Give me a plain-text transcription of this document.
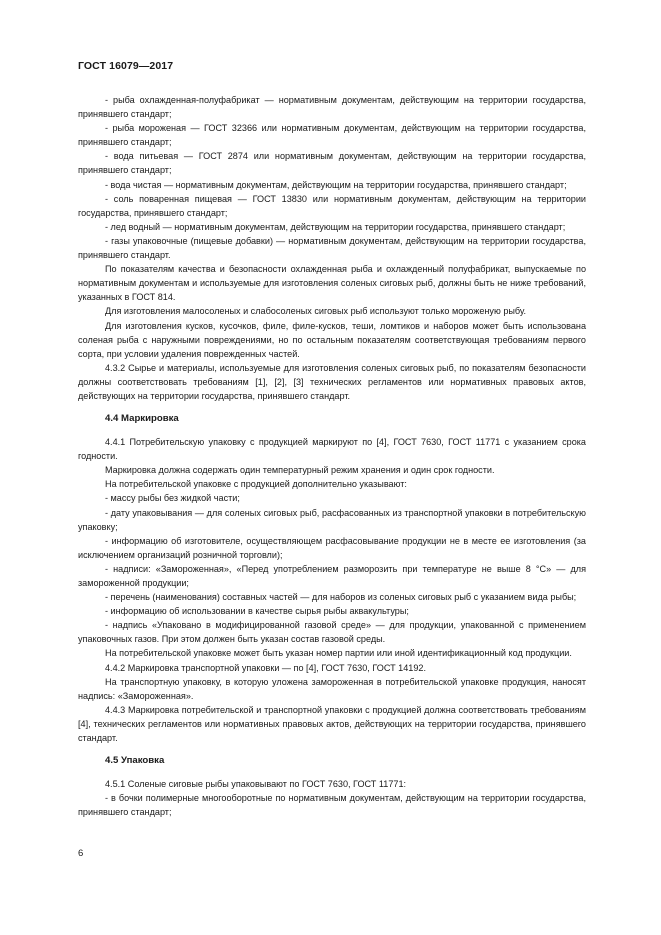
ГОСТ 16079—2017

- рыба охлажденная-полуфабрикат — нормативным документам, действующим на территории государства, принявшего стандарт;

- рыба мороженая — ГОСТ 32366 или нормативным документам, действующим на территории государства, принявшего стандарт;

- вода питьевая — ГОСТ 2874 или нормативным документам, действующим на территории государства, принявшего стандарт;

- вода чистая — нормативным документам, действующим на территории государства, принявшего стандарт;

- соль поваренная пищевая — ГОСТ 13830 или нормативным документам, действующим на территории государства, принявшего стандарт;

- лед водный — нормативным документам, действующим на территории государства, принявшего стандарт;

- газы упаковочные (пищевые добавки) — нормативным документам, действующим на территории государства, принявшего стандарт.

По показателям качества и безопасности охлажденная рыба и охлажденный полуфабрикат, выпускаемые по нормативным документам и используемые для изготовления соленых сиговых рыб, должны быть не ниже требований, указанных в ГОСТ 814.

Для изготовления малосоленых и слабосоленых сиговых рыб используют только мороженую рыбу.

Для изготовления кусков, кусочков, филе, филе-кусков, теши, ломтиков и наборов может быть использована соленая рыба с наружными повреждениями, но по остальным показателям соответствующая требованиям первого сорта, при условии удаления поврежденных частей.

4.3.2 Сырье и материалы, используемые для изготовления соленых сиговых рыб, по показателям безопасности должны соответствовать требованиям [1], [2], [3] технических регламентов или нормативных правовых актов, действующих на территории государства, принявшего стандарт.

4.4 Маркировка

4.4.1 Потребительскую упаковку с продукцией маркируют по [4], ГОСТ 7630, ГОСТ 11771 с указанием срока годности.

Маркировка должна содержать один температурный режим хранения и один срок годности.

На потребительской упаковке с продукцией дополнительно указывают:

- массу рыбы без жидкой части;

- дату упаковывания — для соленых сиговых рыб, расфасованных из транспортной упаковки в потребительскую упаковку;

- информацию об изготовителе, осуществляющем расфасовывание продукции не в месте ее изготовления (за исключением организаций розничной торговли);

- надписи: «Замороженная», «Перед употреблением разморозить при температуре не выше 8 °С» — для замороженной продукции;

- перечень (наименования) составных частей — для наборов из соленых сиговых рыб с указанием вида рыбы;

- информацию об использовании в качестве сырья рыбы аквакультуры;

- надпись «Упаковано в модифицированной газовой среде» — для продукции, упакованной с применением упаковочных газов. При этом должен быть указан состав газовой среды.

На потребительской упаковке может быть указан номер партии или иной идентификационный код продукции.

4.4.2 Маркировка транспортной упаковки — по [4], ГОСТ 7630, ГОСТ 14192.

На транспортную упаковку, в которую уложена замороженная в потребительской упаковке продукция, наносят надпись: «Замороженная».

4.4.3 Маркировка потребительской и транспортной упаковки с продукцией должна соответствовать требованиям [4], технических регламентов или нормативных правовых актов, действующих на территории государства, принявшего стандарт.

4.5 Упаковка

4.5.1 Соленые сиговые рыбы упаковывают по ГОСТ 7630, ГОСТ 11771:

- в бочки полимерные многооборотные по нормативным документам, действующим на территории государства, принявшего стандарт;

6
